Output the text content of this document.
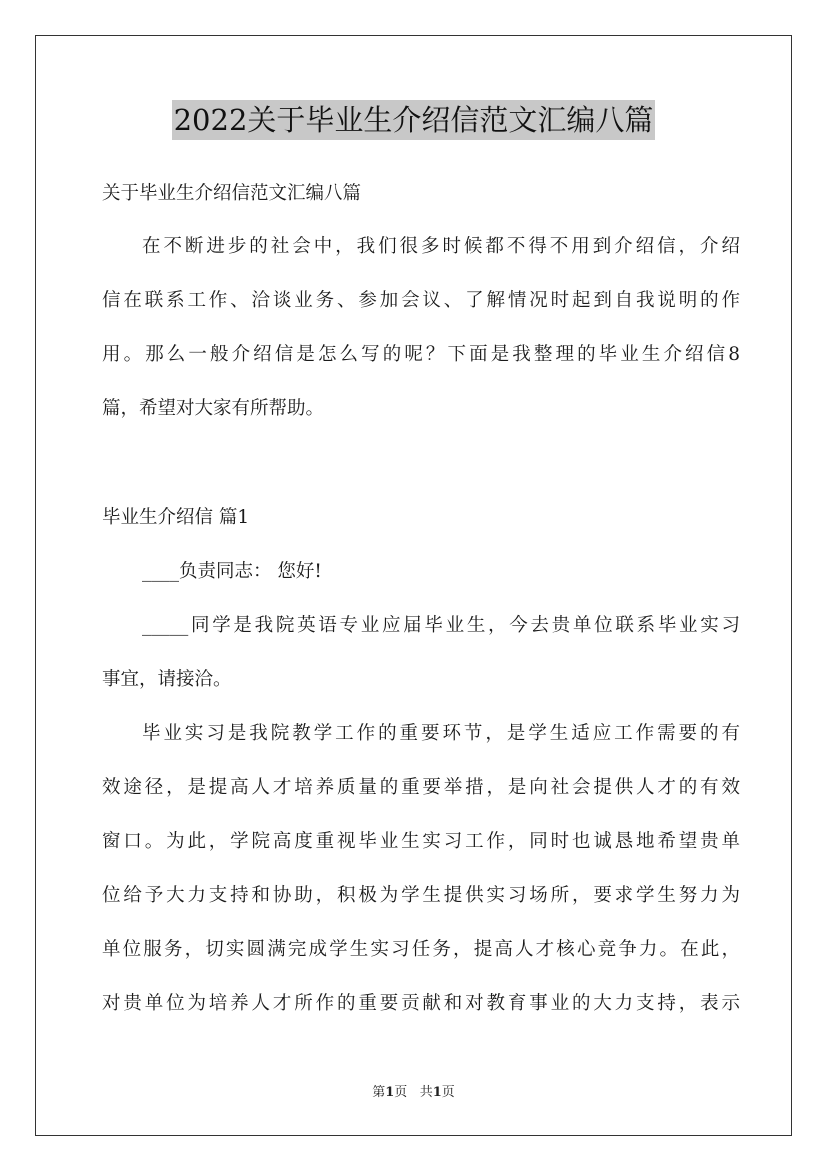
2022关于毕业生介绍信范文汇编八篇
关于毕业生介绍信范文汇编八篇
在不断进步的社会中，我们很多时候都不得不用到介绍信，介绍
信在联系工作、洽谈业务、参加会议、了解情况时起到自我说明的作
用。那么一般介绍信是怎么写的呢？下面是我整理的毕业生介绍信8
篇，希望对大家有所帮助。
毕业生介绍信 篇1
____负责同志： 您好!
_____同学是我院英语专业应届毕业生，今去贵单位联系毕业实习
事宜，请接洽。
毕业实习是我院教学工作的重要环节，是学生适应工作需要的有
效途径，是提高人才培养质量的重要举措，是向社会提供人才的有效
窗口。为此，学院高度重视毕业生实习工作，同时也诚恳地希望贵单
位给予大力支持和协助，积极为学生提供实习场所，要求学生努力为
单位服务，切实圆满完成学生实习任务，提高人才核心竞争力。在此，
对贵单位为培养人才所作的重要贡献和对教育事业的大力支持，表示
第1页 共1页
